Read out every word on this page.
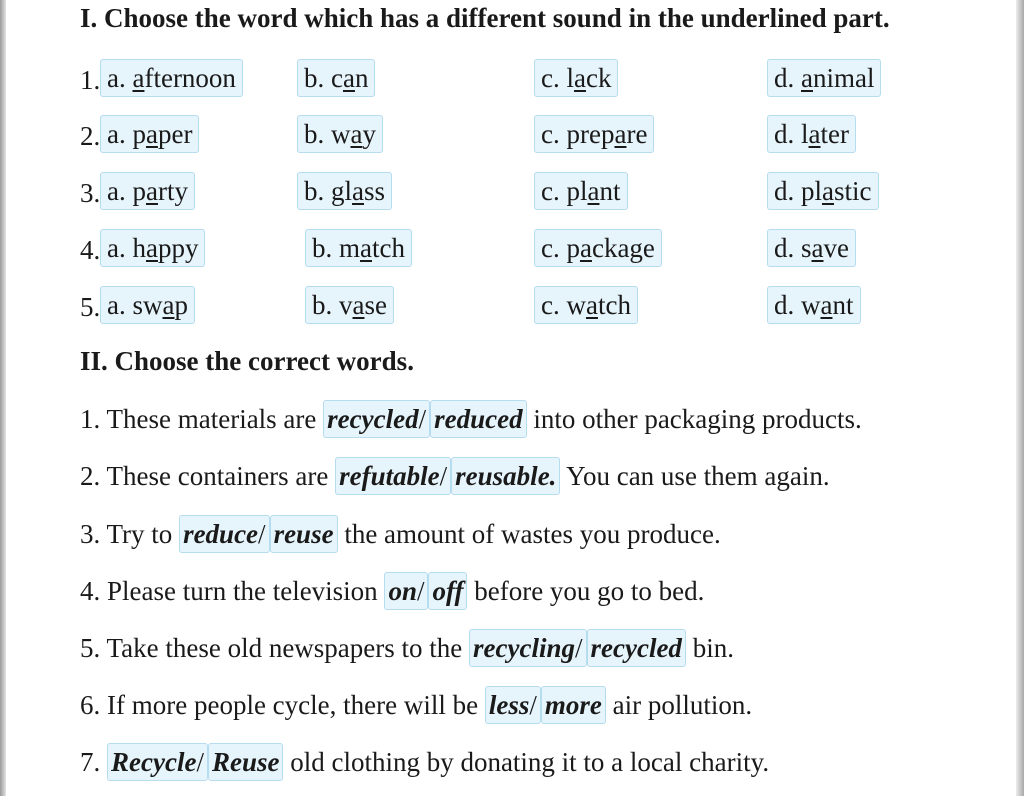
I. Choose the word which has a different sound in the underlined part.
1. a. afternoon	b. can	c. lack	d. animal
2. a. paper	b. way	c. prepare	d. later
3. a. party	b. glass	c. plant	d. plastic
4. a. happy	b. match	c. package	d. save
5. a. swap	b. vase	c. watch	d. want
II. Choose the correct words.
1. These materials are recycled/ reduced into other packaging products.
2. These containers are refutable/ reusable. You can use them again.
3. Try to reduce/ reuse the amount of wastes you produce.
4. Please turn the television on/ off before you go to bed.
5. Take these old newspapers to the recycling/ recycled bin.
6. If more people cycle, there will be less/ more air pollution.
7. Recycle/ Reuse old clothing by donating it to a local charity.
